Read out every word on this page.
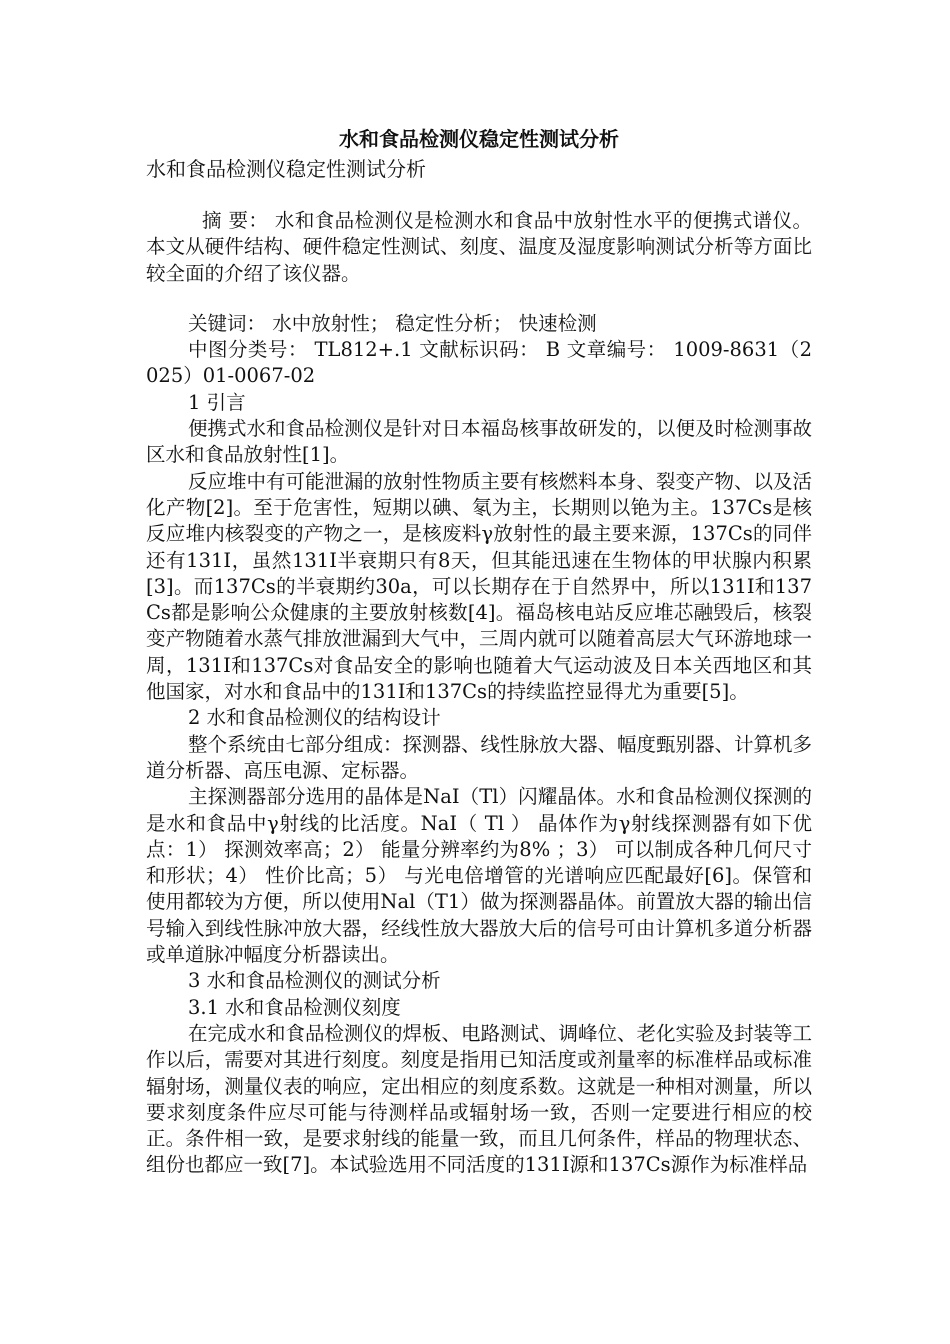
水和食品检测仪稳定性测试分析
水和食品检测仪稳定性测试分析

摘 要： 水和食品检测仪是检测水和食品中放射性水平的便携式谱仪。本文从硬件结构、硬件稳定性测试、刻度、温度及湿度影响测试分析等方面比较全面的介绍了该仪器。

关键词： 水中放射性； 稳定性分析； 快速检测

中图分类号： TL812+.1 文献标识码： B 文章编号： 1009-8631（2025）01-0067-02

1 引言

便携式水和食品检测仪是针对日本福岛核事故研发的，以便及时检测事故区水和食品放射性[1]。

反应堆中有可能泄漏的放射性物质主要有核燃料本身、裂变产物、以及活化产物[2]。至于危害性，短期以碘、氡为主，长期则以铯为主。137Cs是核反应堆内核裂变的产物之一，是核废料γ放射性的最主要来源，137Cs的同伴还有131I，虽然131I半衰期只有8天，但其能迅速在生物体的甲状腺内积累[3]。而137Cs的半衰期约30a，可以长期存在于自然界中，所以131I和137Cs都是影响公众健康的主要放射核数[4]。福岛核电站反应堆芯融毁后，核裂变产物随着水蒸气排放泄漏到大气中，三周内就可以随着高层大气环游地球一周，131I和137Cs对食品安全的影响也随着大气运动波及日本关西地区和其他国家，对水和食品中的131I和137Cs的持续监控显得尤为重要[5]。

2 水和食品检测仪的结构设计

整个系统由七部分组成：探测器、线性脉放大器、幅度甄别器、计算机多道分析器、高压电源、定标器。

主探测器部分选用的晶体是NaI（Tl）闪耀晶体。水和食品检测仪探测的是水和食品中γ射线的比活度。NaI（ Tl ） 晶体作为γ射线探测器有如下优点：1） 探测效率高；2） 能量分辨率约为8% ；3） 可以制成各种几何尺寸和形状；4） 性价比高；5） 与光电倍增管的光谱响应匹配最好[6]。保管和使用都较为方便，所以使用Nal（T1）做为探测器晶体。前置放大器的输出信号输入到线性脉冲放大器，经线性放大器放大后的信号可由计算机多道分析器或单道脉冲幅度分析器读出。

3 水和食品检测仪的测试分析

3.1 水和食品检测仪刻度

在完成水和食品检测仪的焊板、电路测试、调峰位、老化实验及封装等工作以后，需要对其进行刻度。刻度是指用已知活度或剂量率的标准样品或标准辐射场，测量仪表的响应，定出相应的刻度系数。这就是一种相对测量，所以要求刻度条件应尽可能与待测样品或辐射场一致，否则一定要进行相应的校正。条件相一致，是要求射线的能量一致，而且几何条件，样品的物理状态、组份也都应一致[7]。本试验选用不同活度的131I源和137Cs源作为标准样品
